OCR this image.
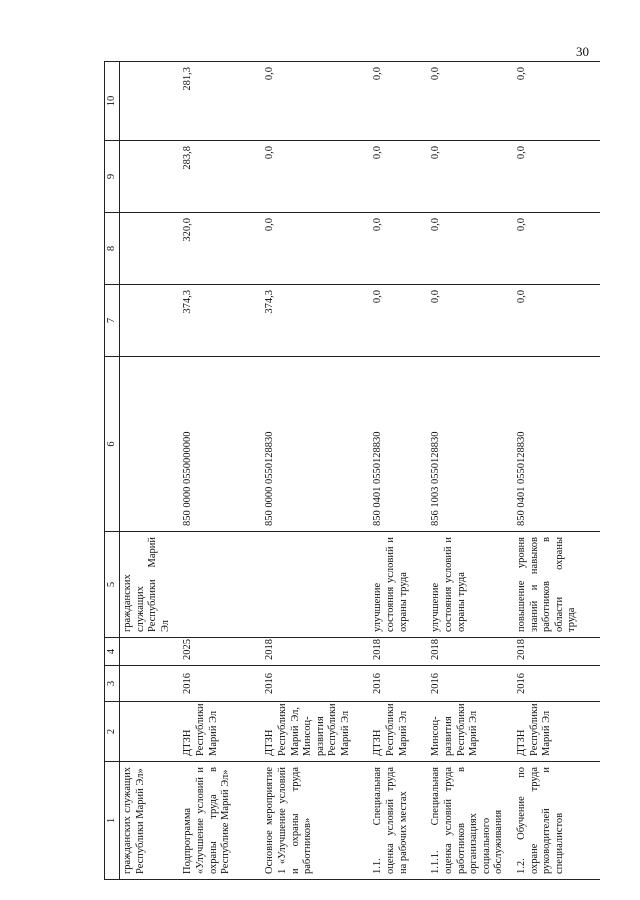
30
1	2	3	4	5	6	7	8	9	10
гражданских служащих Республики Марий Эл»				гражданских служащих Республики Марий Эл					
Подпрограмма «Улучшение условий и охраны труда в Республике Марий Эл»	ДТЗН Республики Марий Эл	2016	2025		850 0000 0550000000	374,3	320,0	283,8	281,3
Основное мероприятие 1 «Улучшение условий и охраны труда работников»	ДТЗН Республики Марий Эл, Минсоц-развития Республики Марий Эл	2016	2018		850 0000 0550128830	374,3	0,0	0,0	0,0
1.1. Специальная оценка условий труда на рабочих местах	ДТЗН Республики Марий Эл	2016	2018	улучшение состояния условий и охраны труда	850 0401 0550128830	0,0	0,0	0,0	0,0
1.1.1. Специальная оценка условий труда работников в организациях социального обслуживания	Минсоц-развития Республики Марий Эл	2016	2018	улучшение состояния условий и охраны труда	856 1003 0550128830	0,0	0,0	0,0	0,0
1.2. Обучение по охране труда руководителей и специалистов	ДТЗН Республики Марий Эл	2016	2018	повышение уровня знаний и навыков работников в области охраны труда	850 0401 0550128830	0,0	0,0	0,0	0,0
